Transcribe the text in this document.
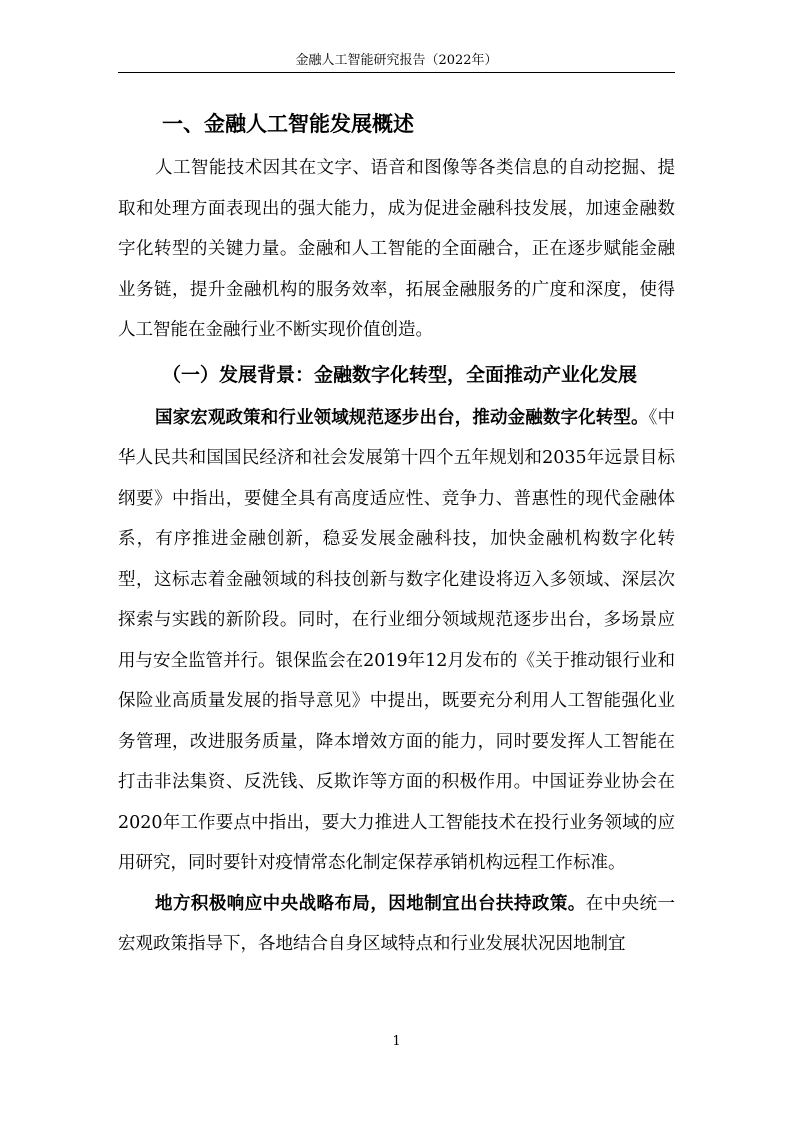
金融人工智能研究报告（2022年）
一、金融人工智能发展概述

人工智能技术因其在文字、语音和图像等各类信息的自动挖掘、提取和处理方面表现出的强大能力，成为促进金融科技发展，加速金融数字化转型的关键力量。金融和人工智能的全面融合，正在逐步赋能金融业务链，提升金融机构的服务效率，拓展金融服务的广度和深度，使得人工智能在金融行业不断实现价值创造。

（一）发展背景：金融数字化转型，全面推动产业化发展

国家宏观政策和行业领域规范逐步出台，推动金融数字化转型。《中华人民共和国国民经济和社会发展第十四个五年规划和2035年远景目标纲要》中指出，要健全具有高度适应性、竞争力、普惠性的现代金融体系，有序推进金融创新，稳妥发展金融科技，加快金融机构数字化转型，这标志着金融领域的科技创新与数字化建设将迈入多领域、深层次探索与实践的新阶段。同时，在行业细分领域规范逐步出台，多场景应用与安全监管并行。银保监会在2019年12月发布的《关于推动银行业和保险业高质量发展的指导意见》中提出，既要充分利用人工智能强化业务管理，改进服务质量，降本增效方面的能力，同时要发挥人工智能在打击非法集资、反洗钱、反欺诈等方面的积极作用。中国证券业协会在2020年工作要点中指出，要大力推进人工智能技术在投行业务领域的应用研究，同时要针对疫情常态化制定保荐承销机构远程工作标准。

地方积极响应中央战略布局，因地制宜出台扶持政策。在中央统一宏观政策指导下，各地结合自身区域特点和行业发展状况因地制宜

1
